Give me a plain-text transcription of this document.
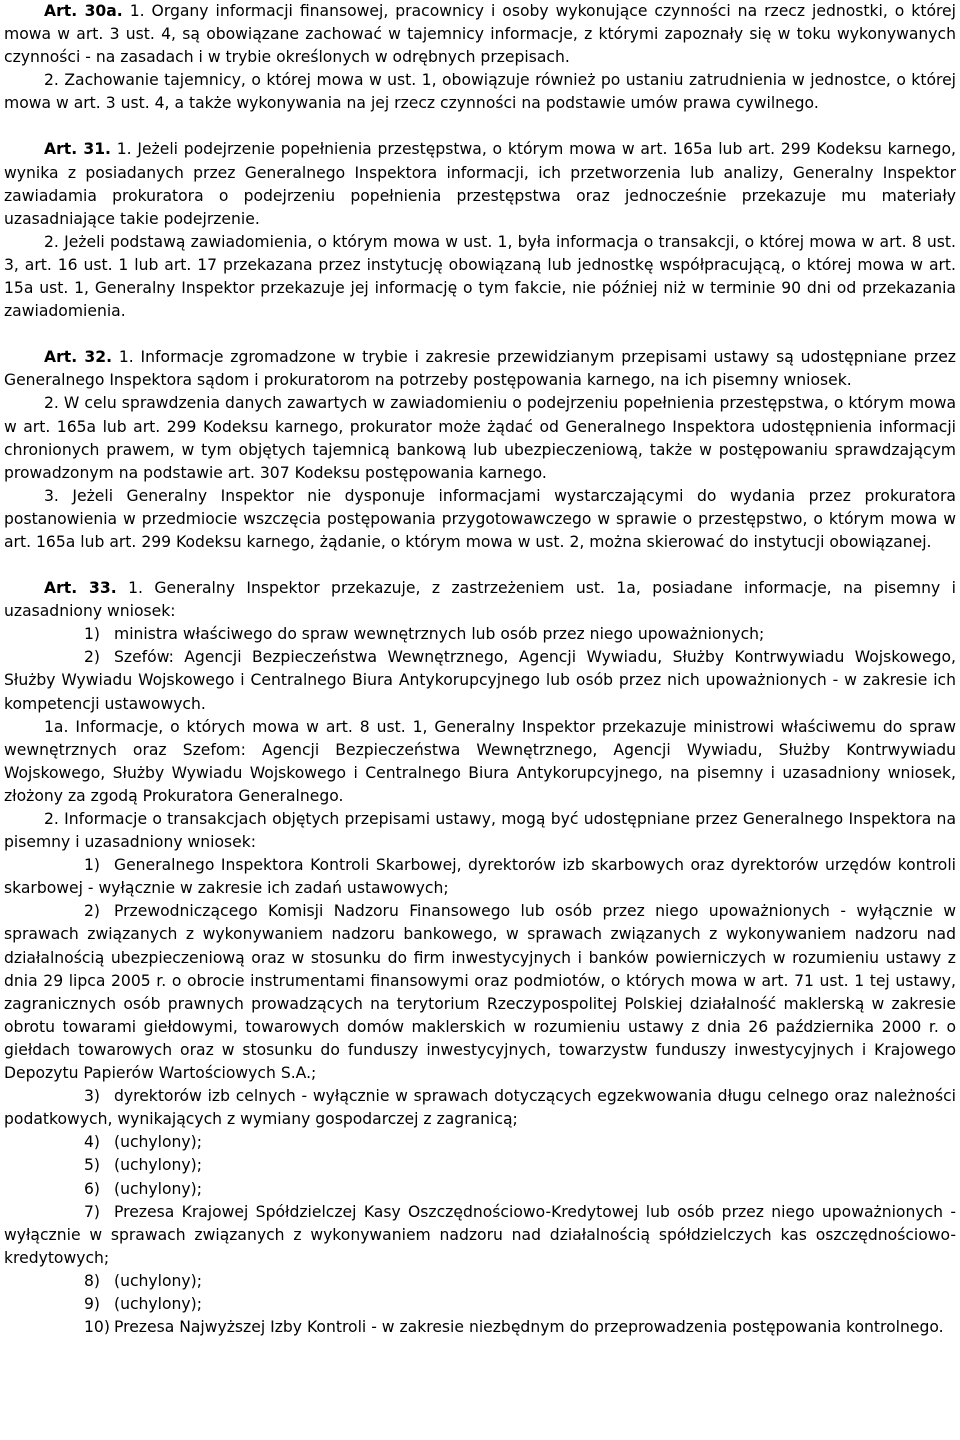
Art. 30a. 1. Organy informacji finansowej, pracownicy i osoby wykonujące czynności na rzecz jednostki, o której mowa w art. 3 ust. 4, są obowiązane zachować w tajemnicy informacje, z którymi zapoznały się w toku wykonywanych czynności - na zasadach i w trybie określonych w odrębnych przepisach.

2. Zachowanie tajemnicy, o której mowa w ust. 1, obowiązuje również po ustaniu zatrudnienia w jednostce, o której mowa w art. 3 ust. 4, a także wykonywania na jej rzecz czynności na podstawie umów prawa cywilnego.

Art. 31. 1. Jeżeli podejrzenie popełnienia przestępstwa, o którym mowa w art. 165a lub art. 299 Kodeksu karnego, wynika z posiadanych przez Generalnego Inspektora informacji, ich przetworzenia lub analizy, Generalny Inspektor zawiadamia prokuratora o podejrzeniu popełnienia przestępstwa oraz jednocześnie przekazuje mu materiały uzasadniające takie podejrzenie.

2. Jeżeli podstawą zawiadomienia, o którym mowa w ust. 1, była informacja o transakcji, o której mowa w art. 8 ust. 3, art. 16 ust. 1 lub art. 17 przekazana przez instytucję obowiązaną lub jednostkę współpracującą, o której mowa w art. 15a ust. 1, Generalny Inspektor przekazuje jej informację o tym fakcie, nie później niż w terminie 90 dni od przekazania zawiadomienia.

Art. 32. 1. Informacje zgromadzone w trybie i zakresie przewidzianym przepisami ustawy są udostępniane przez Generalnego Inspektora sądom i prokuratorom na potrzeby postępowania karnego, na ich pisemny wniosek.

2. W celu sprawdzenia danych zawartych w zawiadomieniu o podejrzeniu popełnienia przestępstwa, o którym mowa w art. 165a lub art. 299 Kodeksu karnego, prokurator może żądać od Generalnego Inspektora udostępnienia informacji chronionych prawem, w tym objętych tajemnicą bankową lub ubezpieczeniową, także w postępowaniu sprawdzającym prowadzonym na podstawie art. 307 Kodeksu postępowania karnego.

3. Jeżeli Generalny Inspektor nie dysponuje informacjami wystarczającymi do wydania przez prokuratora postanowienia w przedmiocie wszczęcia postępowania przygotowawczego w sprawie o przestępstwo, o którym mowa w art. 165a lub art. 299 Kodeksu karnego, żądanie, o którym mowa w ust. 2, można skierować do instytucji obowiązanej.

Art. 33. 1. Generalny Inspektor przekazuje, z zastrzeżeniem ust. 1a, posiadane informacje, na pisemny i uzasadniony wniosek:

1) ministra właściwego do spraw wewnętrznych lub osób przez niego upoważnionych;

2) Szefów: Agencji Bezpieczeństwa Wewnętrznego, Agencji Wywiadu, Służby Kontrwywiadu Wojskowego, Służby Wywiadu Wojskowego i Centralnego Biura Antykorupcyjnego lub osób przez nich upoważnionych - w zakresie ich kompetencji ustawowych.

1a. Informacje, o których mowa w art. 8 ust. 1, Generalny Inspektor przekazuje ministrowi właściwemu do spraw wewnętrznych oraz Szefom: Agencji Bezpieczeństwa Wewnętrznego, Agencji Wywiadu, Służby Kontrwywiadu Wojskowego, Służby Wywiadu Wojskowego i Centralnego Biura Antykorupcyjnego, na pisemny i uzasadniony wniosek, złożony za zgodą Prokuratora Generalnego.

2. Informacje o transakcjach objętych przepisami ustawy, mogą być udostępniane przez Generalnego Inspektora na pisemny i uzasadniony wniosek:

1) Generalnego Inspektora Kontroli Skarbowej, dyrektorów izb skarbowych oraz dyrektorów urzędów kontroli skarbowej - wyłącznie w zakresie ich zadań ustawowych;

2) Przewodniczącego Komisji Nadzoru Finansowego lub osób przez niego upoważnionych - wyłącznie w sprawach związanych z wykonywaniem nadzoru bankowego, w sprawach związanych z wykonywaniem nadzoru nad działalnością ubezpieczeniową oraz w stosunku do firm inwestycyjnych i banków powierniczych w rozumieniu ustawy z dnia 29 lipca 2005 r. o obrocie instrumentami finansowymi oraz podmiotów, o których mowa w art. 71 ust. 1 tej ustawy, zagranicznych osób prawnych prowadzących na terytorium Rzeczypospolitej Polskiej działalność maklerską w zakresie obrotu towarami giełdowymi, towarowych domów maklerskich w rozumieniu ustawy z dnia 26 października 2000 r. o giełdach towarowych oraz w stosunku do funduszy inwestycyjnych, towarzystw funduszy inwestycyjnych i Krajowego Depozytu Papierów Wartościowych S.A.;

3) dyrektorów izb celnych - wyłącznie w sprawach dotyczących egzekwowania długu celnego oraz należności podatkowych, wynikających z wymiany gospodarczej z zagranicą;

4) (uchylony);

5) (uchylony);

6) (uchylony);

7) Prezesa Krajowej Spółdzielczej Kasy Oszczędnościowo-Kredytowej lub osób przez niego upoważnionych - wyłącznie w sprawach związanych z wykonywaniem nadzoru nad działalnością spółdzielczych kas oszczędnościowo-kredytowych;

8) (uchylony);

9) (uchylony);

10) Prezesa Najwyższej Izby Kontroli - w zakresie niezbędnym do przeprowadzenia postępowania kontrolnego.
